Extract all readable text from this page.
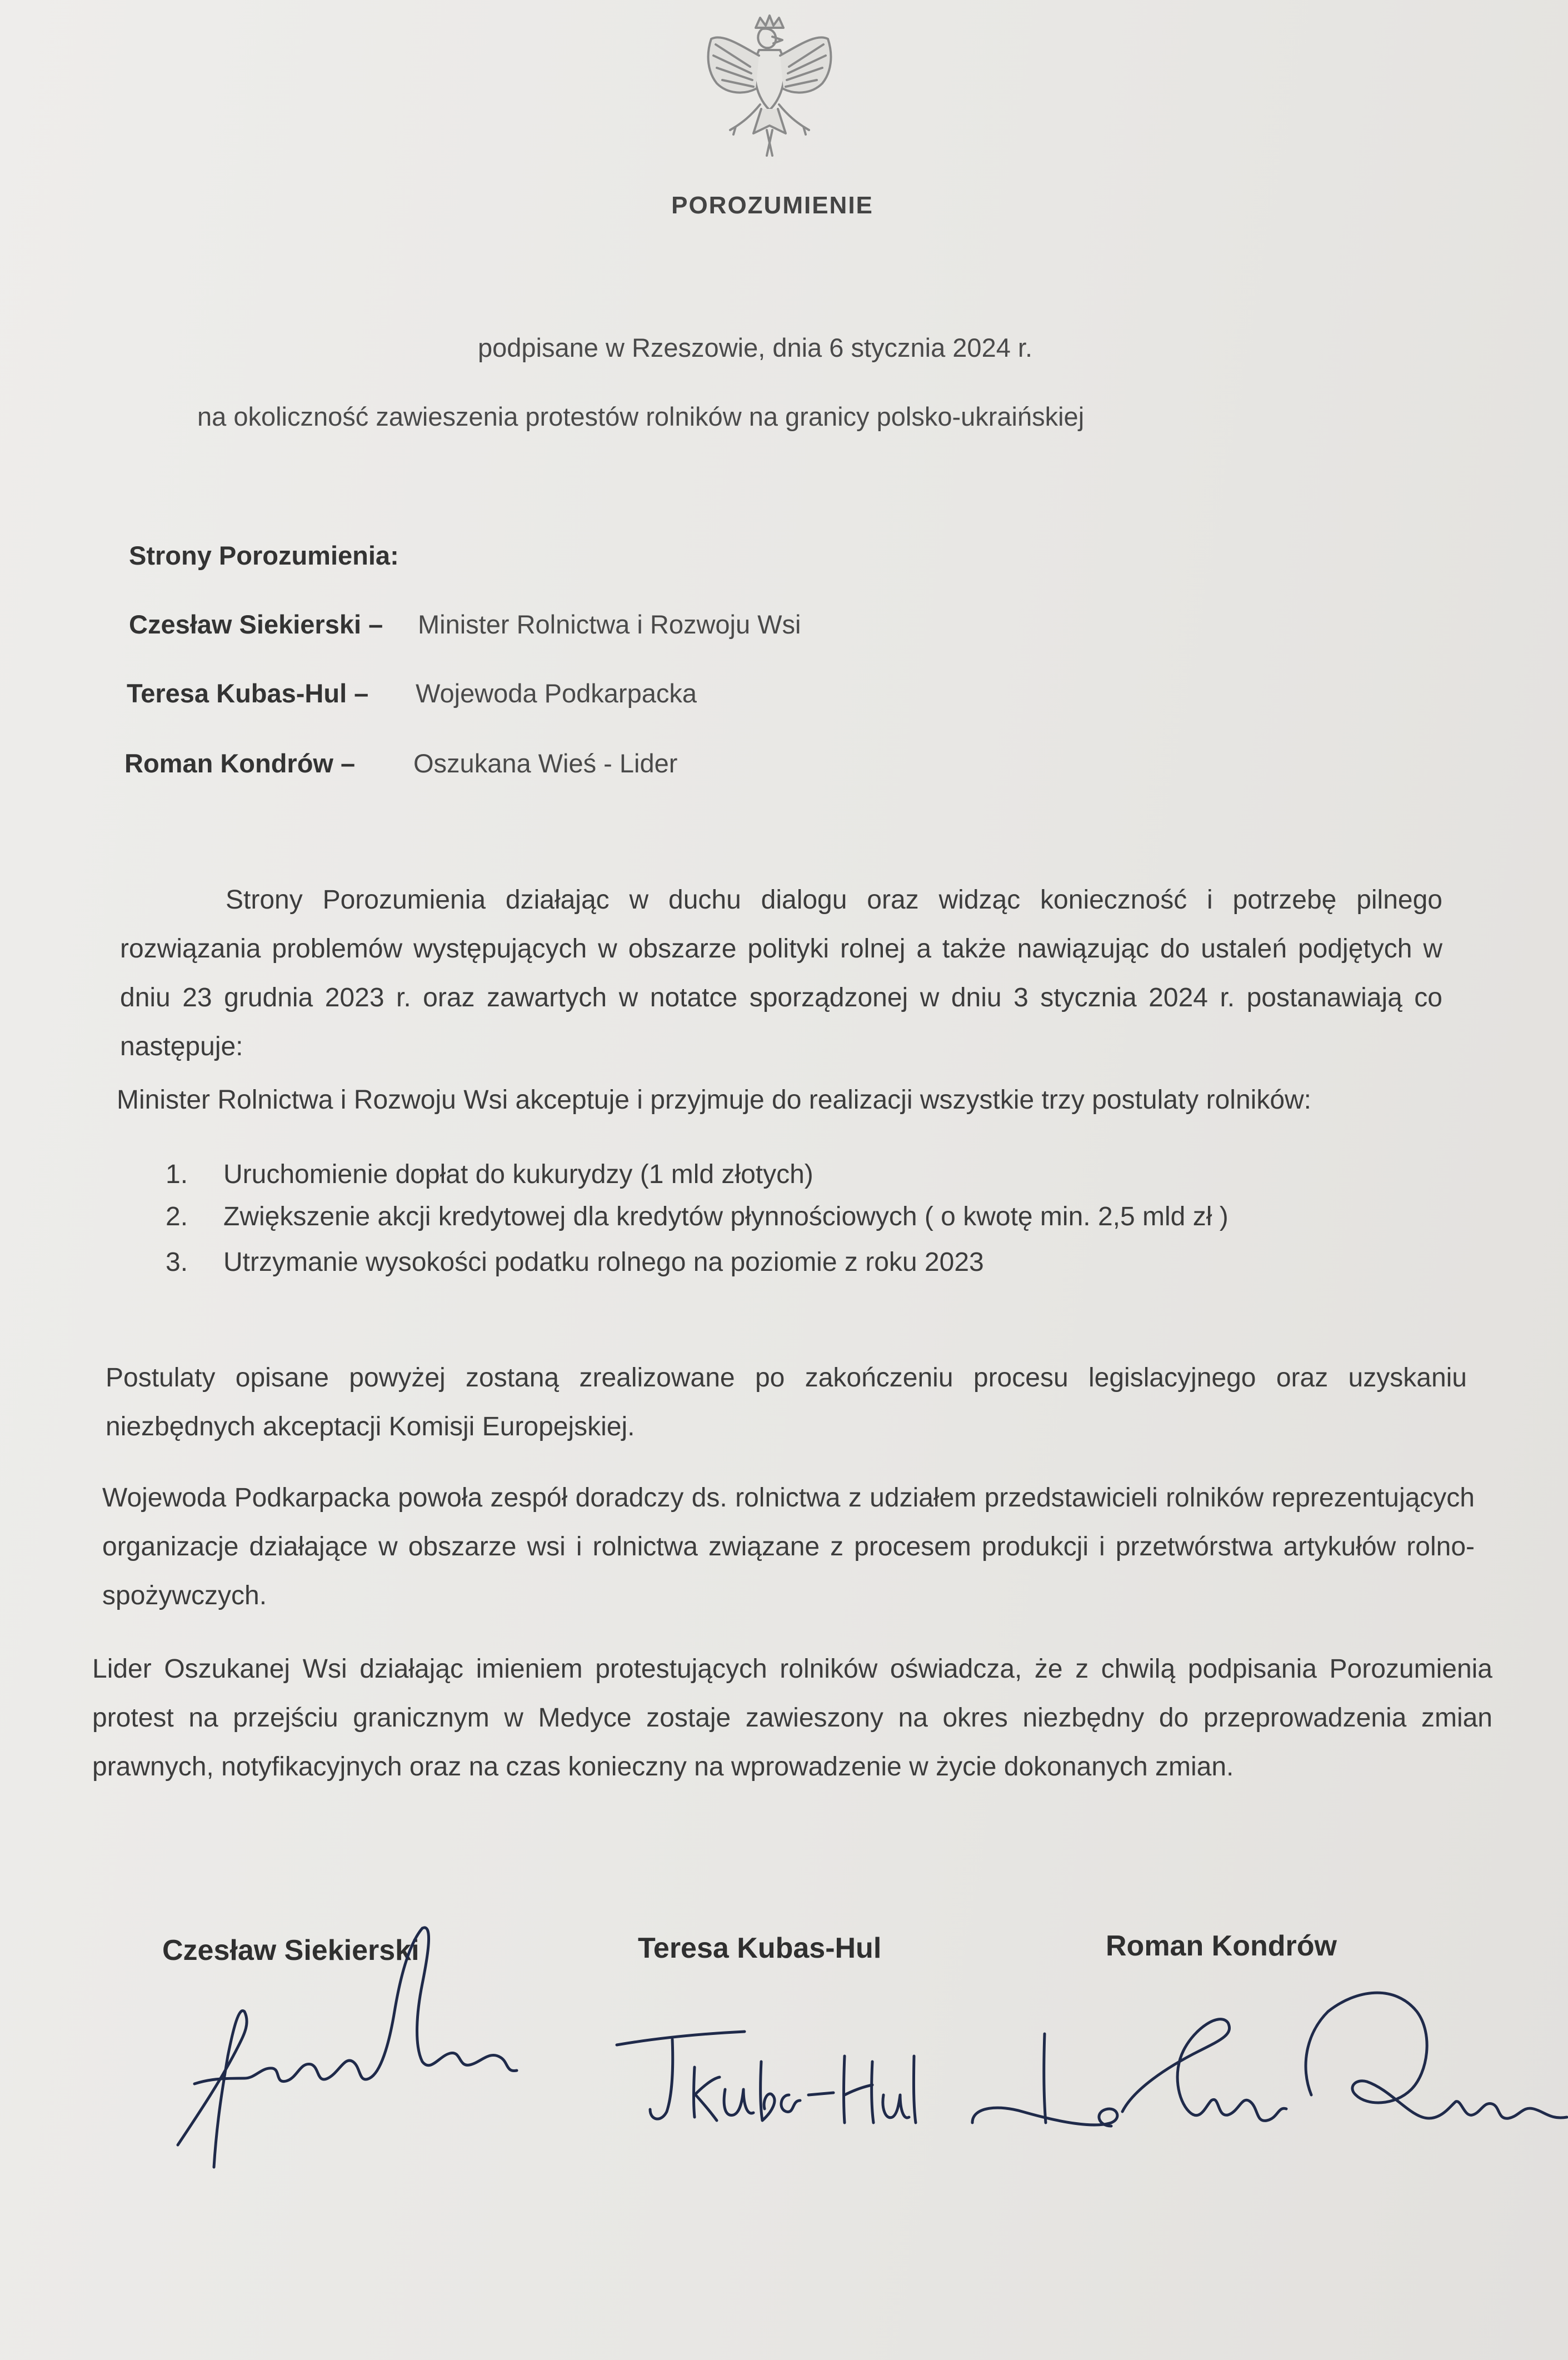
POROZUMIENIE
podpisane w Rzeszowie, dnia 6 stycznia 2024 r.
na okoliczność zawieszenia protestów rolników na granicy polsko-ukraińskiej
Strony Porozumienia:
Czesław Siekierski – Minister Rolnictwa i Rozwoju Wsi
Teresa Kubas-Hul – Wojewoda Podkarpacka
Roman Kondrów – Oszukana Wieś - Lider
Strony Porozumienia działając w duchu dialogu oraz widząc konieczność i potrzebę pilnego rozwiązania problemów występujących w obszarze polityki rolnej a także nawiązując do ustaleń podjętych w dniu 23 grudnia 2023 r. oraz zawartych w notatce sporządzonej w dniu 3 stycznia 2024 r. postanawiają co następuje:
Minister Rolnictwa i Rozwoju Wsi akceptuje i przyjmuje do realizacji wszystkie trzy postulaty rolników:
1. Uruchomienie dopłat do kukurydzy (1 mld złotych)
2. Zwiększenie akcji kredytowej dla kredytów płynnościowych ( o kwotę min. 2,5 mld zł )
3. Utrzymanie wysokości podatku rolnego na poziomie z roku 2023
Postulaty opisane powyżej zostaną zrealizowane po zakończeniu procesu legislacyjnego oraz uzyskaniu niezbędnych akceptacji Komisji Europejskiej.
Wojewoda Podkarpacka powoła zespół doradczy ds. rolnictwa z udziałem przedstawicieli rolników reprezentujących organizacje działające w obszarze wsi i rolnictwa związane z procesem produkcji i przetwórstwa artykułów rolno-spożywczych.
Lider Oszukanej Wsi działając imieniem protestujących rolników oświadcza, że z chwilą podpisania Porozumienia protest na przejściu granicznym w Medyce zostaje zawieszony na okres niezbędny do przeprowadzenia zmian prawnych, notyfikacyjnych oraz na czas konieczny na wprowadzenie w życie dokonanych zmian.
Czesław Siekierski	Teresa Kubas-Hul	Roman Kondrów
